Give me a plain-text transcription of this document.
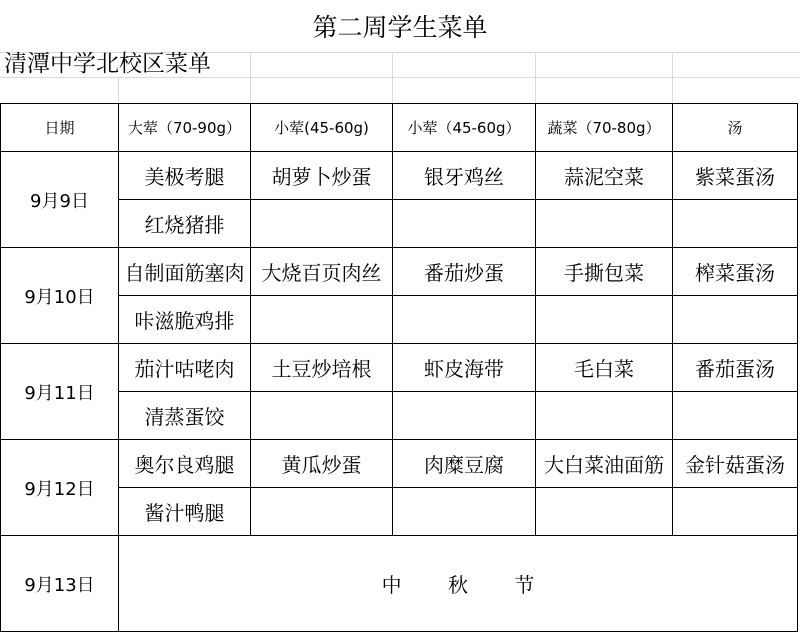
第二周学生菜单
清潭中学北校区菜单
日期	大荤（70-90g）	小荤(45-60g)	小荤（45-60g）	蔬菜（70-80g）	汤
9月9日	美极考腿	胡萝卜炒蛋	银牙鸡丝	蒜泥空菜	紫菜蛋汤
	红烧猪排				
9月10日	自制面筋塞肉	大烧百页肉丝	番茄炒蛋	手撕包菜	榨菜蛋汤
	咔滋脆鸡排				
9月11日	茄汁咕咾肉	土豆炒培根	虾皮海带	毛白菜	番茄蛋汤
	清蒸蛋饺				
9月12日	奥尔良鸡腿	黄瓜炒蛋	肉糜豆腐	大白菜油面筋	金针菇蛋汤
	酱汁鸭腿				
9月13日	中 秋 节				
